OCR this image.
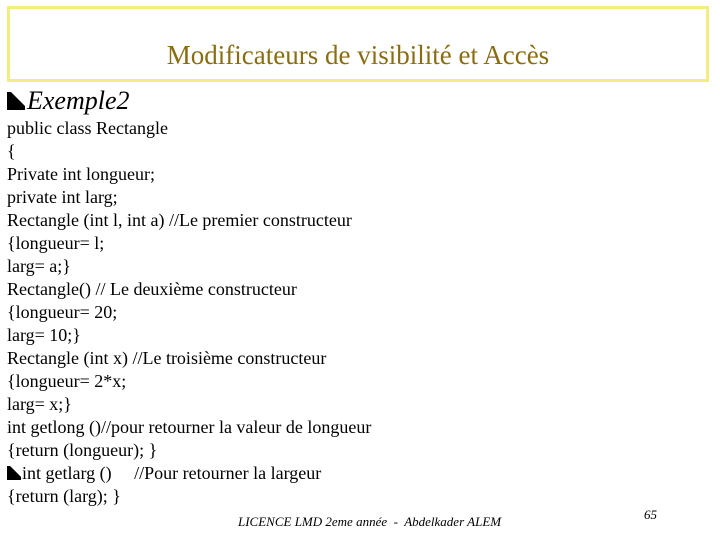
Modificateurs de visibilité et Accès
Exemple2
public class Rectangle
{
Private int longueur;
private int larg;
Rectangle (int l, int a) //Le premier constructeur
{longueur= l;
larg= a;}
Rectangle() // Le deuxième constructeur
{longueur= 20;
larg= 10;}
Rectangle (int x) //Le troisième constructeur
{longueur= 2*x;
larg= x;}
int getlong ()//pour retourner la valeur de longueur
{return (longueur); }
int getlarg ()     //Pour retourner la largeur
{return (larg); }
LICENCE LMD 2eme année  -  Abdelkader ALEM	65
